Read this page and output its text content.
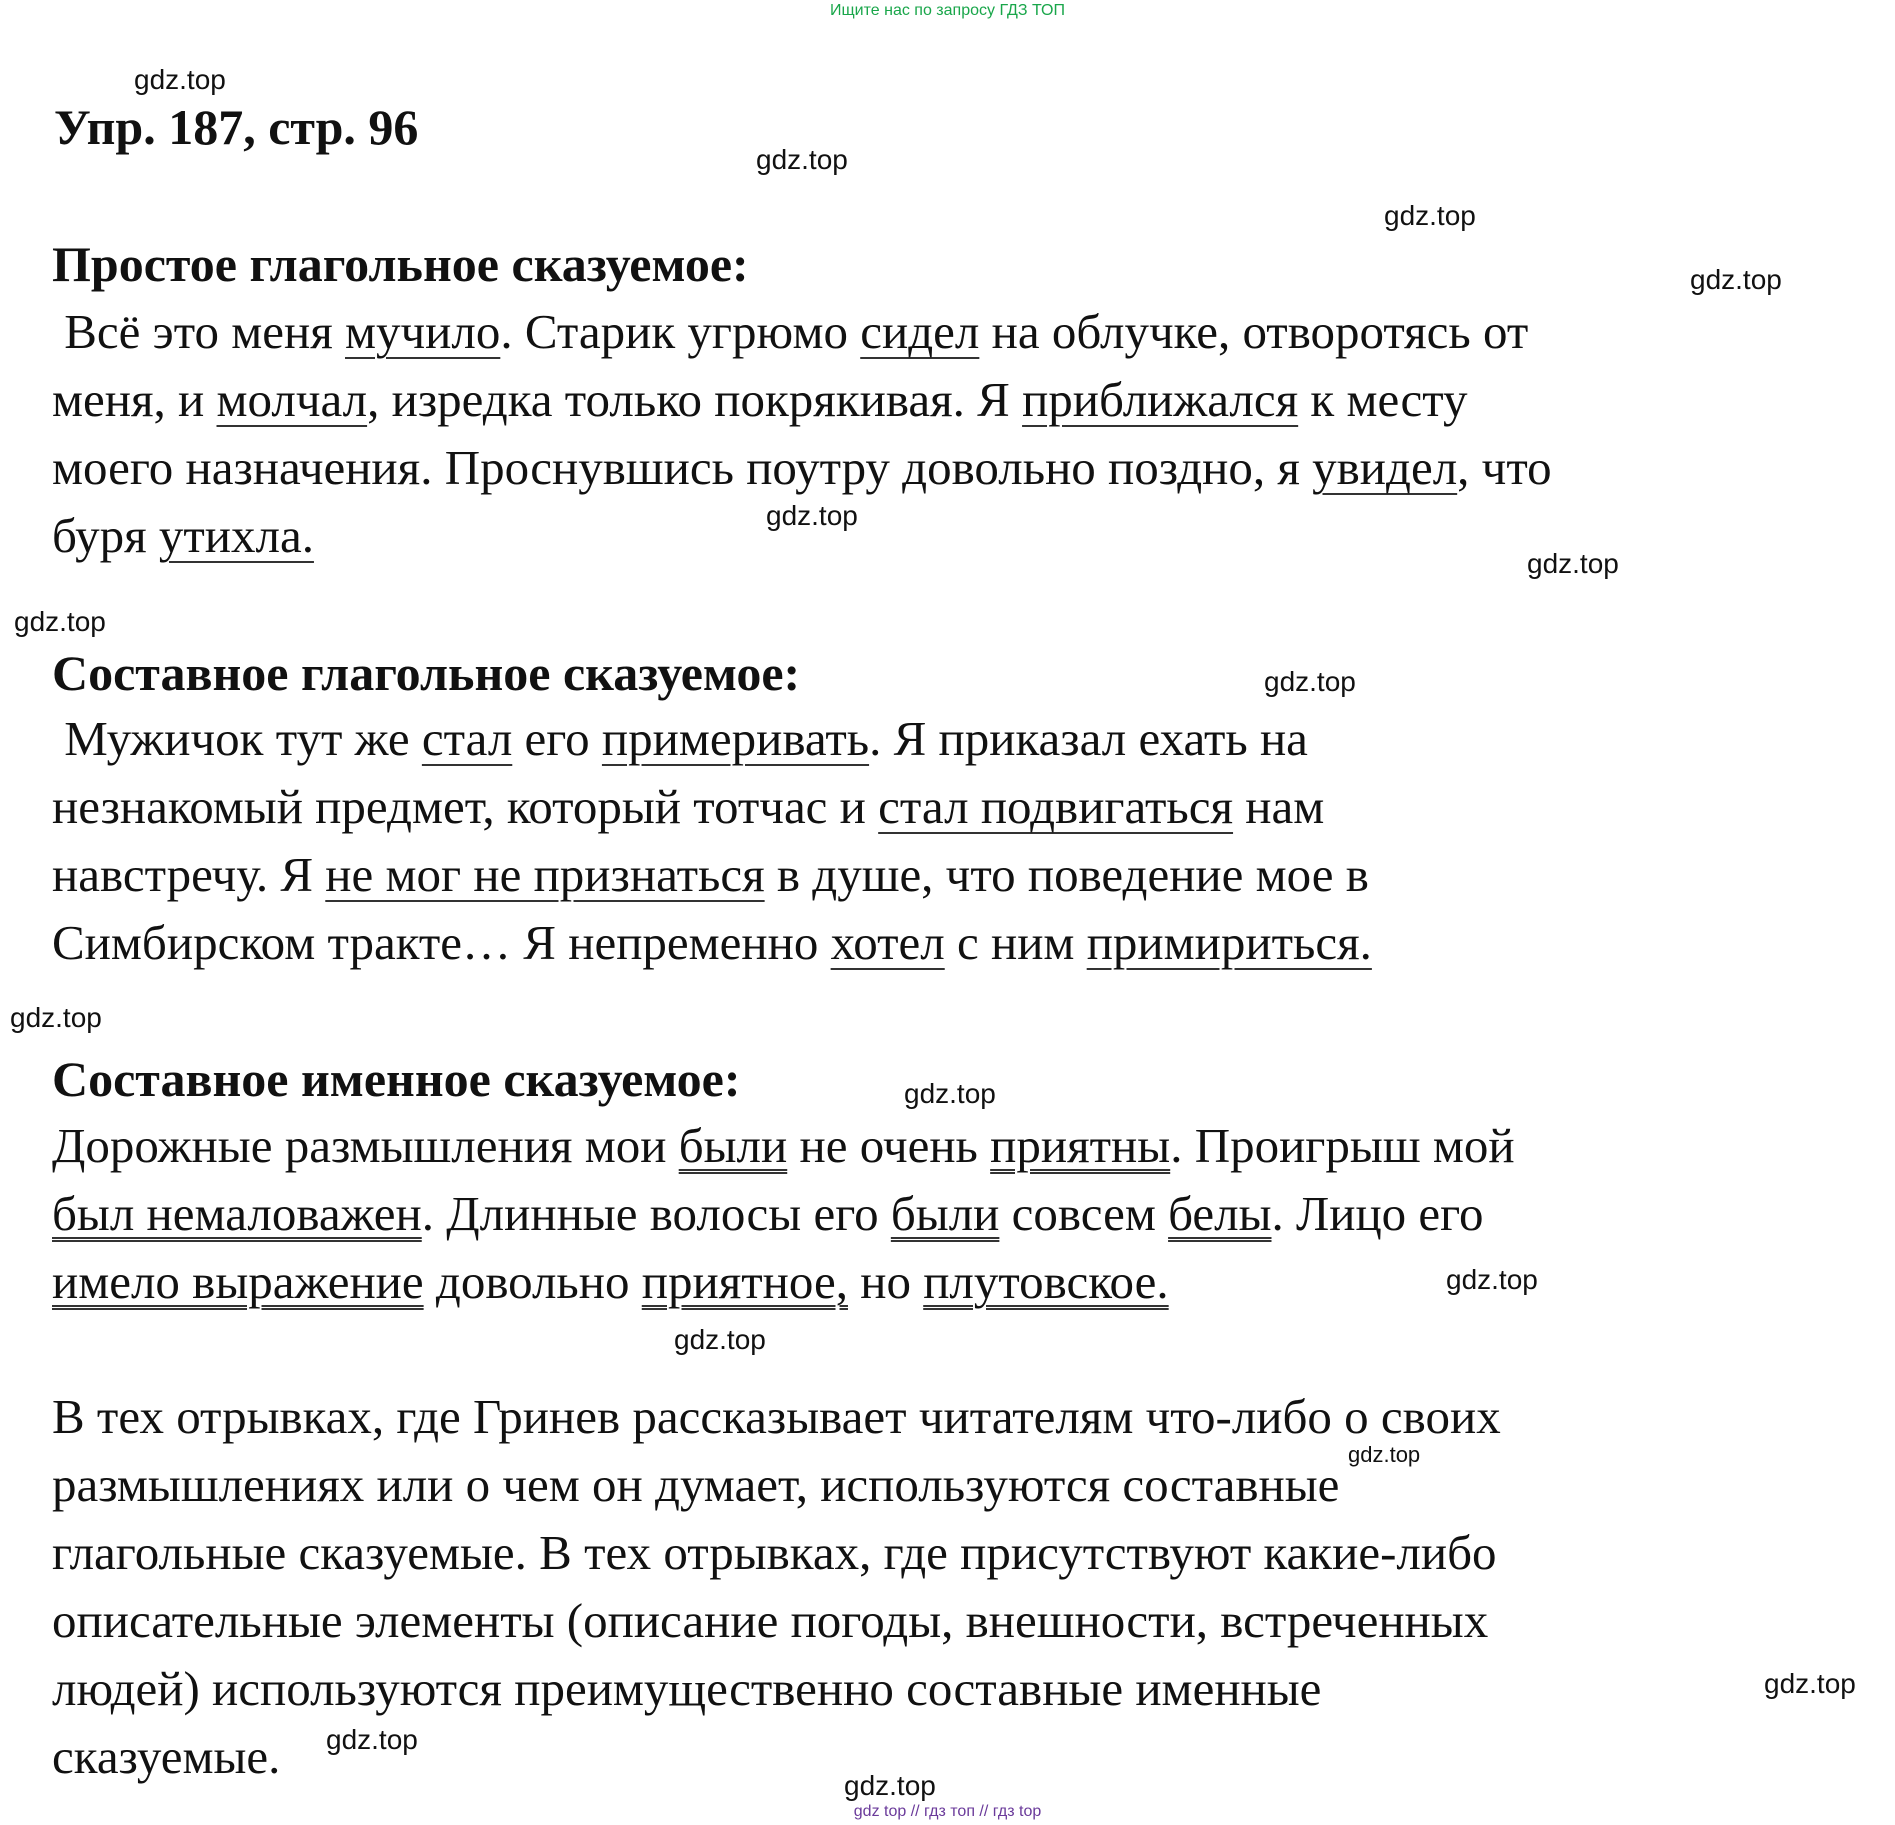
Ищите нас по запросу ГДЗ ТОП
Упр. 187, стр. 96
Простое глагольное сказуемое:
Всё это меня мучило. Старик угрюмо сидел на облучке, отворотясь от
меня, и молчал, изредка только покрякивая. Я приближался к месту
моего назначения. Проснувшись поутру довольно поздно, я увидел, что
буря утихла.
Составное глагольное сказуемое:
Мужичок тут же стал его примеривать. Я приказал ехать на
незнакомый предмет, который тотчас и стал подвигаться нам
навстречу. Я не мог не признаться в душе, что поведение мое в
Симбирском тракте… Я непременно хотел с ним примириться.
Составное именное сказуемое:
Дорожные размышления мои были не очень приятны. Проигрыш мой
был немаловажен. Длинные волосы его были совсем белы. Лицо его
имело выражение довольно приятное, но плутовское.
В тех отрывках, где Гринев рассказывает читателям что-либо о своих
размышлениях или о чем он думает, используются составные
глагольные сказуемые. В тех отрывках, где присутствуют какие-либо
описательные элементы (описание погоды, внешности, встреченных
людей) используются преимущественно составные именные
сказуемые.
gdz.top
gdz.top
gdz.top
gdz.top
gdz.top
gdz.top
gdz.top
gdz.top
gdz.top
gdz.top
gdz.top
gdz.top
gdz.top
gdz.top
gdz.top
gdz.top
gdz top // гдз топ // гдз top
